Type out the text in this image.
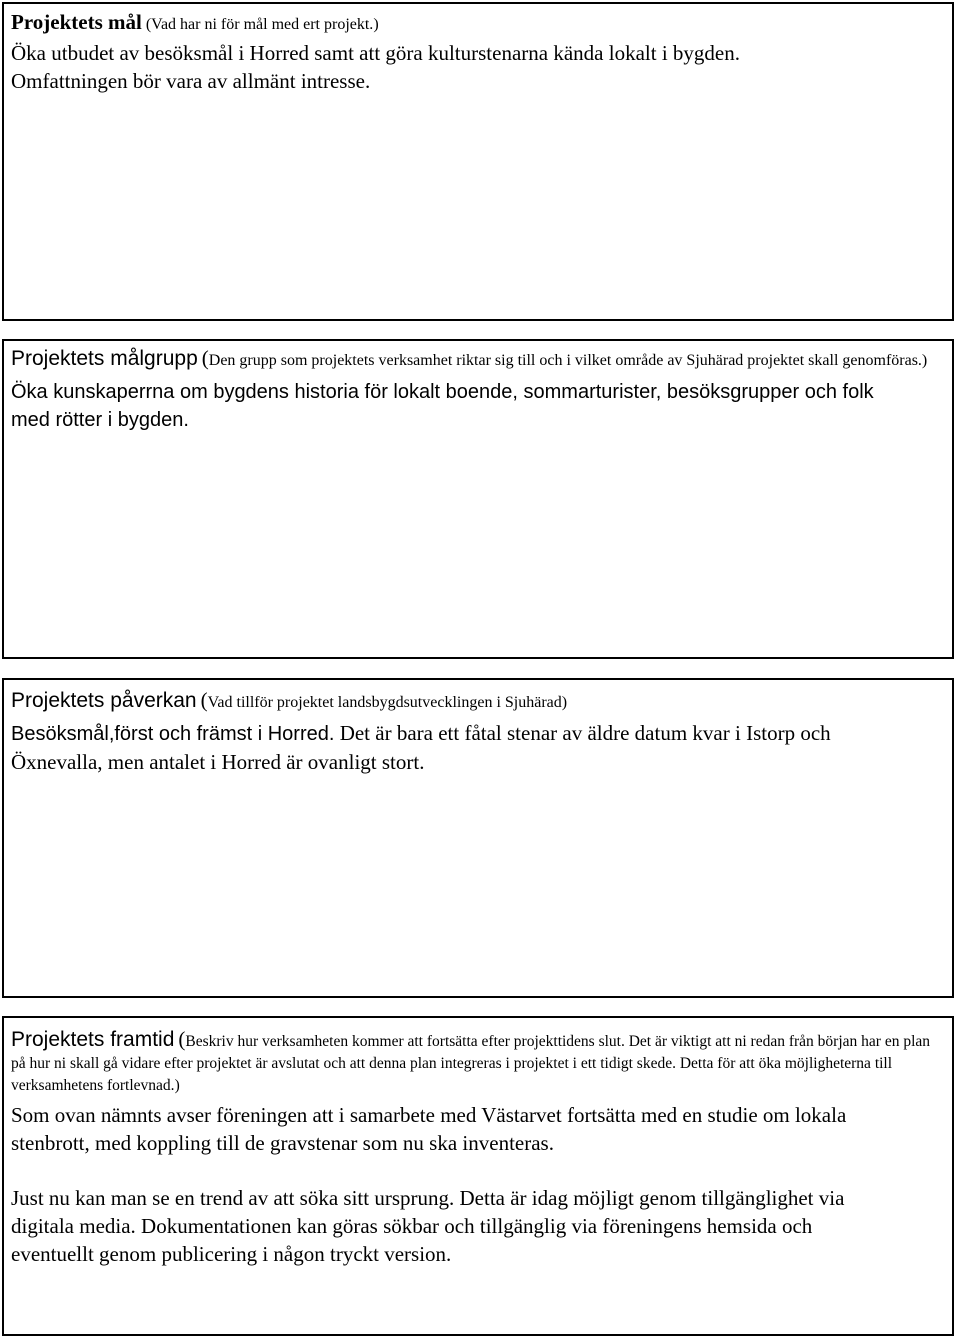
Projektets mål (Vad har ni för mål med ert projekt.)

Öka utbudet av besöksmål i Horred samt att göra kulturstenarna kända lokalt i bygden.

Omfattningen bör vara av allmänt intresse.

Projektets målgrupp (Den grupp som projektets verksamhet riktar sig till och i vilket område av Sjuhärad projektet skall genomföras.)

Öka kunskaperrna om bygdens historia för lokalt boende, sommarturister, besöksgrupper och folk

med rötter i bygden.

Projektets påverkan (Vad tillför projektet landsbygdsutvecklingen i Sjuhärad)

Besöksmål,först och främst i Horred. Det är bara ett fåtal stenar av äldre datum kvar i Istorp och

Öxnevalla, men antalet i Horred är ovanligt stort.

Projektets framtid (Beskriv hur verksamheten kommer att fortsätta efter projekttidens slut. Det är viktigt att ni redan från början har en plan på hur ni skall gå vidare efter projektet är avslutat och att denna plan integreras i projektet i ett tidigt skede. Detta för att öka möjligheterna till verksamhetens fortlevnad.)

Som ovan nämnts avser föreningen att i samarbete med Västarvet fortsätta med en studie om lokala

stenbrott, med koppling till de gravstenar som nu ska inventeras.

Just nu kan man se en trend av att söka sitt ursprung. Detta är idag möjligt genom tillgänglighet via

digitala media. Dokumentationen kan göras sökbar och tillgänglig via föreningens hemsida och

eventuellt genom publicering i någon tryckt version.
